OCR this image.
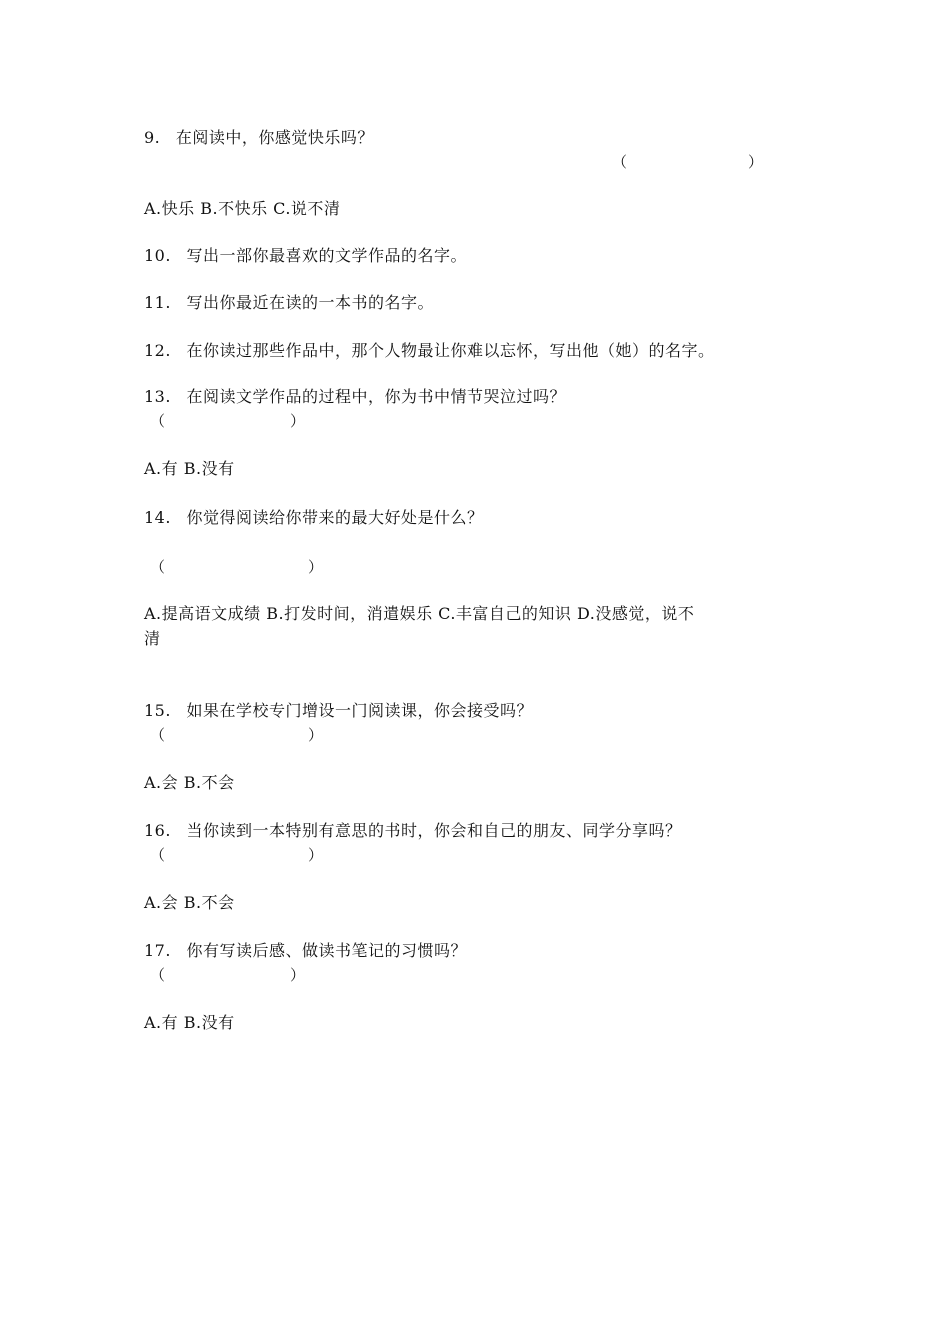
9. 在阅读中，你感觉快乐吗？
（	）
A.快乐 B.不快乐 C.说不清
10. 写出一部你最喜欢的文学作品的名字。
11. 写出你最近在读的一本书的名字。
12. 在你读过那些作品中，那个人物最让你难以忘怀，写出他（她）的名字。
13. 在阅读文学作品的过程中，你为书中情节哭泣过吗？
（	）
A.有 B.没有
14. 你觉得阅读给你带来的最大好处是什么？
（	）
A.提高语文成绩 B.打发时间，消遣娱乐 C.丰富自己的知识 D.没感觉，说不
清
15. 如果在学校专门增设一门阅读课，你会接受吗？
（	）
A.会 B.不会
16. 当你读到一本特别有意思的书时，你会和自己的朋友、同学分享吗？
（	）
A.会 B.不会
17. 你有写读后感、做读书笔记的习惯吗？
（	）
A.有 B.没有
